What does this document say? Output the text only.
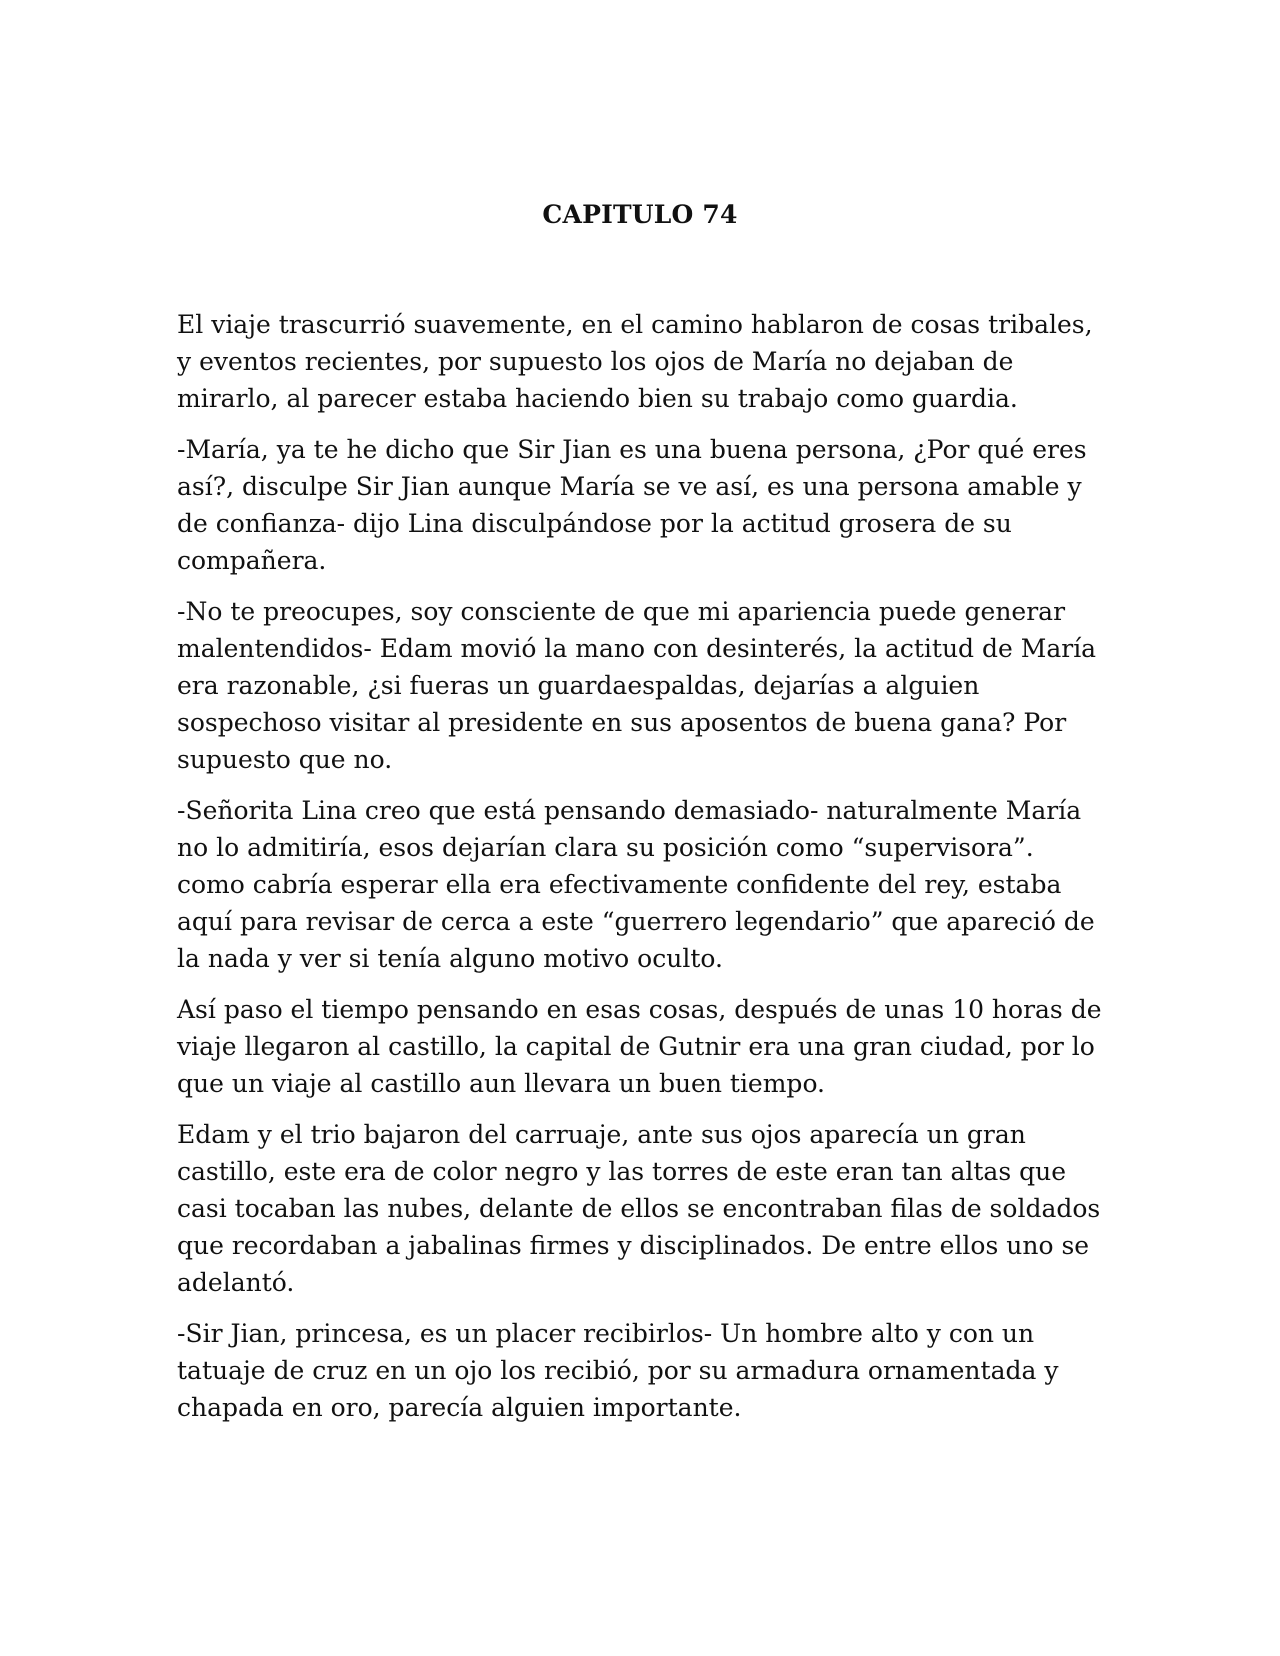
CAPITULO 74

El viaje trascurrió suavemente, en el camino hablaron de cosas tribales, y eventos recientes, por supuesto los ojos de María no dejaban de mirarlo, al parecer estaba haciendo bien su trabajo como guardia.

-María, ya te he dicho que Sir Jian es una buena persona, ¿Por qué eres así?, disculpe Sir Jian aunque María se ve así, es una persona amable y de confianza- dijo Lina disculpándose por la actitud grosera de su compañera.

-No te preocupes, soy consciente de que mi apariencia puede generar malentendidos- Edam movió la mano con desinterés, la actitud de María era razonable, ¿si fueras un guardaespaldas, dejarías a alguien sospechoso visitar al presidente en sus aposentos de buena gana? Por supuesto que no.

-Señorita Lina creo que está pensando demasiado- naturalmente María no lo admitiría, esos dejarían clara su posición como “supervisora”. como cabría esperar ella era efectivamente confidente del rey, estaba aquí para revisar de cerca a este “guerrero legendario” que apareció de la nada y ver si tenía alguno motivo oculto.

Así paso el tiempo pensando en esas cosas, después de unas 10 horas de viaje llegaron al castillo, la capital de Gutnir era una gran ciudad, por lo que un viaje al castillo aun llevara un buen tiempo.

Edam y el trio bajaron del carruaje, ante sus ojos aparecía un gran castillo, este era de color negro y las torres de este eran tan altas que casi tocaban las nubes, delante de ellos se encontraban filas de soldados que recordaban a jabalinas firmes y disciplinados. De entre ellos uno se adelantó.

-Sir Jian, princesa, es un placer recibirlos- Un hombre alto y con un tatuaje de cruz en un ojo los recibió, por su armadura ornamentada y chapada en oro, parecía alguien importante.
